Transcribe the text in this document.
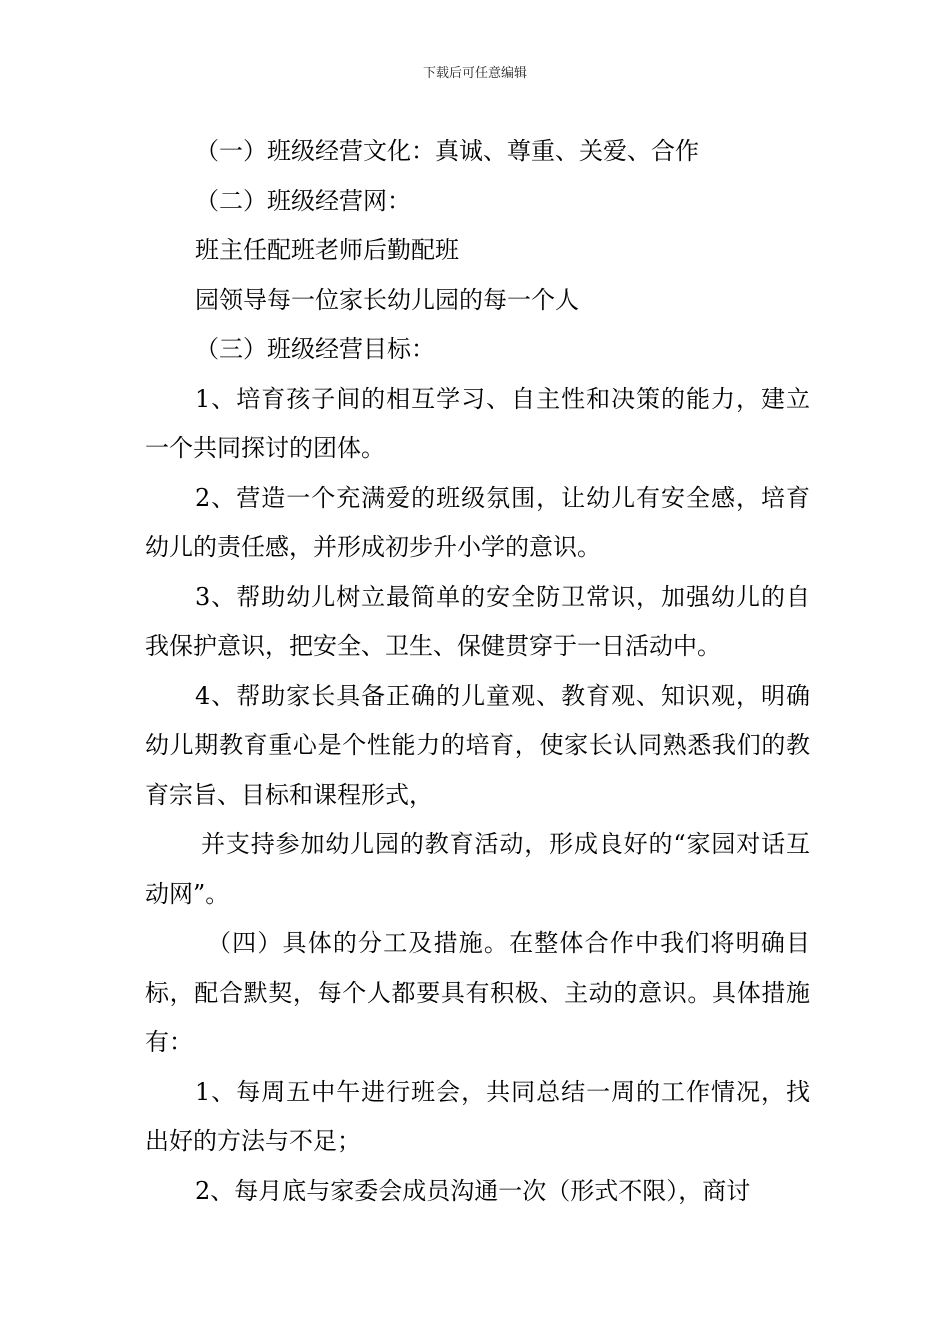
下载后可任意编辑

（一）班级经营文化：真诚、尊重、关爱、合作

（二）班级经营网：

班主任配班老师后勤配班

园领导每一位家长幼儿园的每一个人

（三）班级经营目标：

1、培育孩子间的相互学习、自主性和决策的能力，建立一个共同探讨的团体。

2、营造一个充满爱的班级氛围，让幼儿有安全感，培育幼儿的责任感，并形成初步升小学的意识。

3、帮助幼儿树立最简单的安全防卫常识，加强幼儿的自我保护意识，把安全、卫生、保健贯穿于一日活动中。

4、帮助家长具备正确的儿童观、教育观、知识观，明确幼儿期教育重心是个性能力的培育，使家长认同熟悉我们的教育宗旨、目标和课程形式，

并支持参加幼儿园的教育活动，形成良好的“家园对话互动网”。

（四）具体的分工及措施。在整体合作中我们将明确目标，配合默契，每个人都要具有积极、主动的意识。具体措施有：

1、每周五中午进行班会，共同总结一周的工作情况，找出好的方法与不足；

2、每月底与家委会成员沟通一次（形式不限），商讨
